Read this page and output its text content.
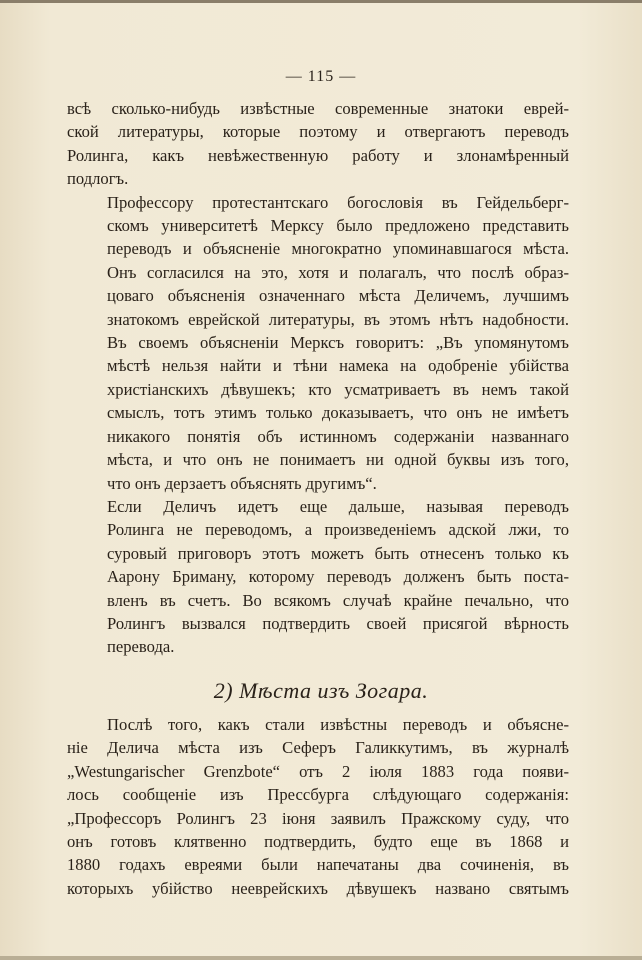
— 115 —

всѣ сколько-нибудь извѣстные современные знатоки еврей-
ской литературы, которые поэтому и отвергаютъ переводъ
Ролинга, какъ невѣжественную работу и злонамѣренный
подлогъ.

Профессору протестантскаго богословія въ Гейдельберг-
скомъ университетѣ Мерксу было предложено представить
переводъ и объясненіе многократно упоминавшагося мѣста.
Онъ согласился на это, хотя и полагалъ, что послѣ образ-
цоваго объясненія означеннаго мѣста Деличемъ, лучшимъ
знатокомъ еврейской литературы, въ этомъ нѣтъ надобности.
Въ своемъ объясненіи Мерксъ говоритъ: „Въ упомянутомъ
мѣстѣ нельзя найти и тѣни намека на одобреніе убійства
христіанскихъ дѣвушекъ; кто усматриваетъ въ немъ такой
смыслъ, тотъ этимъ только доказываетъ, что онъ не имѣетъ
никакого понятія объ истинномъ содержаніи названнаго
мѣста, и что онъ не понимаетъ ни одной буквы изъ того,
что онъ дерзаетъ объяснять другимъ“.

Если Деличъ идетъ еще дальше, называя переводъ
Ролинга не переводомъ, а произведеніемъ адской лжи, то
суровый приговоръ этотъ можетъ быть отнесенъ только къ
Аарону Бриману, которому переводъ долженъ быть поста-
вленъ въ счетъ. Во всякомъ случаѣ крайне печально, что
Ролингъ вызвался подтвердить своей присягой вѣрность
перевода.

2) Мѣста изъ Зогара.

Послѣ того, какъ стали извѣстны переводъ и объясне-
ніе Делича мѣста изъ Сеферъ Галиккутимъ, въ журналѣ
„Westungarischer Grenzbote“ отъ 2 іюля 1883 года появи-
лось сообщеніе изъ Прессбурга слѣдующаго содержанія:
„Профессоръ Ролингъ 23 іюня заявилъ Пражскому суду, что
онъ готовъ клятвенно подтвердить, будто еще въ 1868 и
1880 годахъ евреями были напечатаны два сочиненія, въ
которыхъ убійство нееврейскихъ дѣвушекъ названо святымъ
